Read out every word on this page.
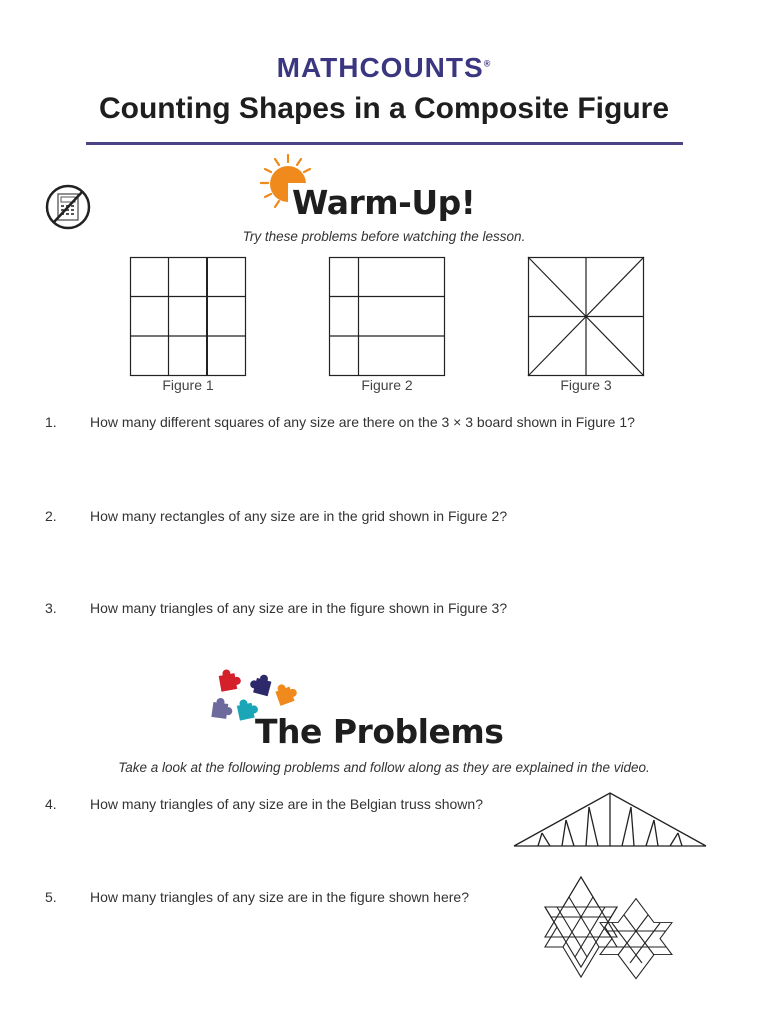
MATHCOUNTS®
Counting Shapes in a Composite Figure
Warm-Up!
Try these problems before watching the lesson.
Figure 1	Figure 2	Figure 3
1. How many different squares of any size are there on the 3 × 3 board shown in Figure 1?
2. How many rectangles of any size are in the grid shown in Figure 2?
3. How many triangles of any size are in the figure shown in Figure 3?
The Problems
Take a look at the following problems and follow along as they are explained in the video.
4. How many triangles of any size are in the Belgian truss shown?
5. How many triangles of any size are in the figure shown here?
